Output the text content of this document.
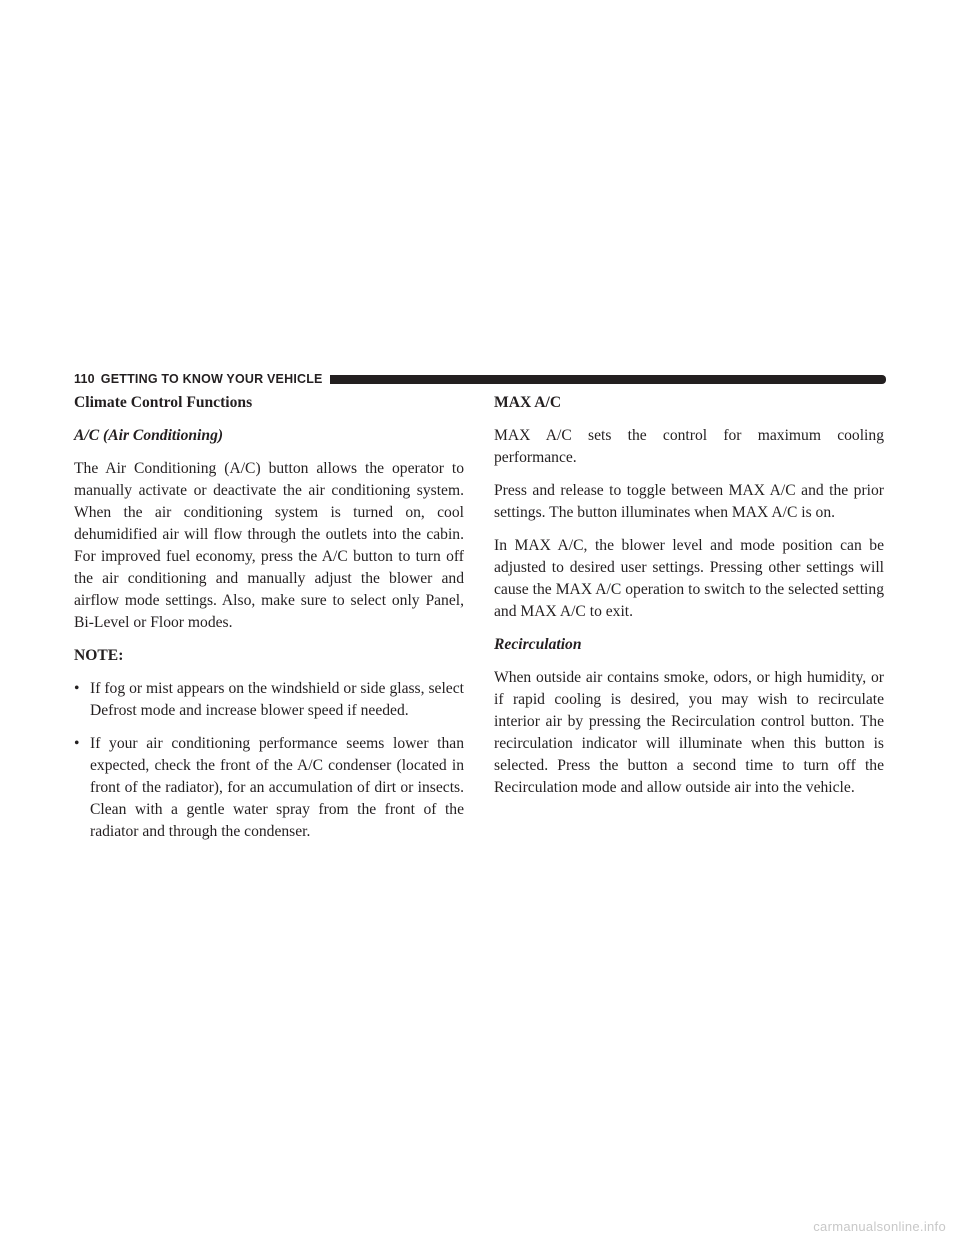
110 GETTING TO KNOW YOUR VEHICLE
Climate Control Functions
A/C (Air Conditioning)

The Air Conditioning (A/C) button allows the operator to manually activate or deactivate the air conditioning system. When the air conditioning system is turned on, cool dehumidified air will flow through the outlets into the cabin. For improved fuel economy, press the A/C button to turn off the air conditioning and manually adjust the blower and airflow mode settings. Also, make sure to select only Panel, Bi-Level or Floor modes.

NOTE:
• If fog or mist appears on the windshield or side glass, select Defrost mode and increase blower speed if needed.
• If your air conditioning performance seems lower than expected, check the front of the A/C condenser (located in front of the radiator), for an accumulation of dirt or insects. Clean with a gentle water spray from the front of the radiator and through the condenser.
MAX A/C

MAX A/C sets the control for maximum cooling performance.

Press and release to toggle between MAX A/C and the prior settings. The button illuminates when MAX A/C is on.

In MAX A/C, the blower level and mode position can be adjusted to desired user settings. Pressing other settings will cause the MAX A/C operation to switch to the selected setting and MAX A/C to exit.

Recirculation

When outside air contains smoke, odors, or high humidity, or if rapid cooling is desired, you may wish to recirculate interior air by pressing the Recirculation control button. The recirculation indicator will illuminate when this button is selected. Press the button a second time to turn off the Recirculation mode and allow outside air into the vehicle.

carmanualsonline.info
